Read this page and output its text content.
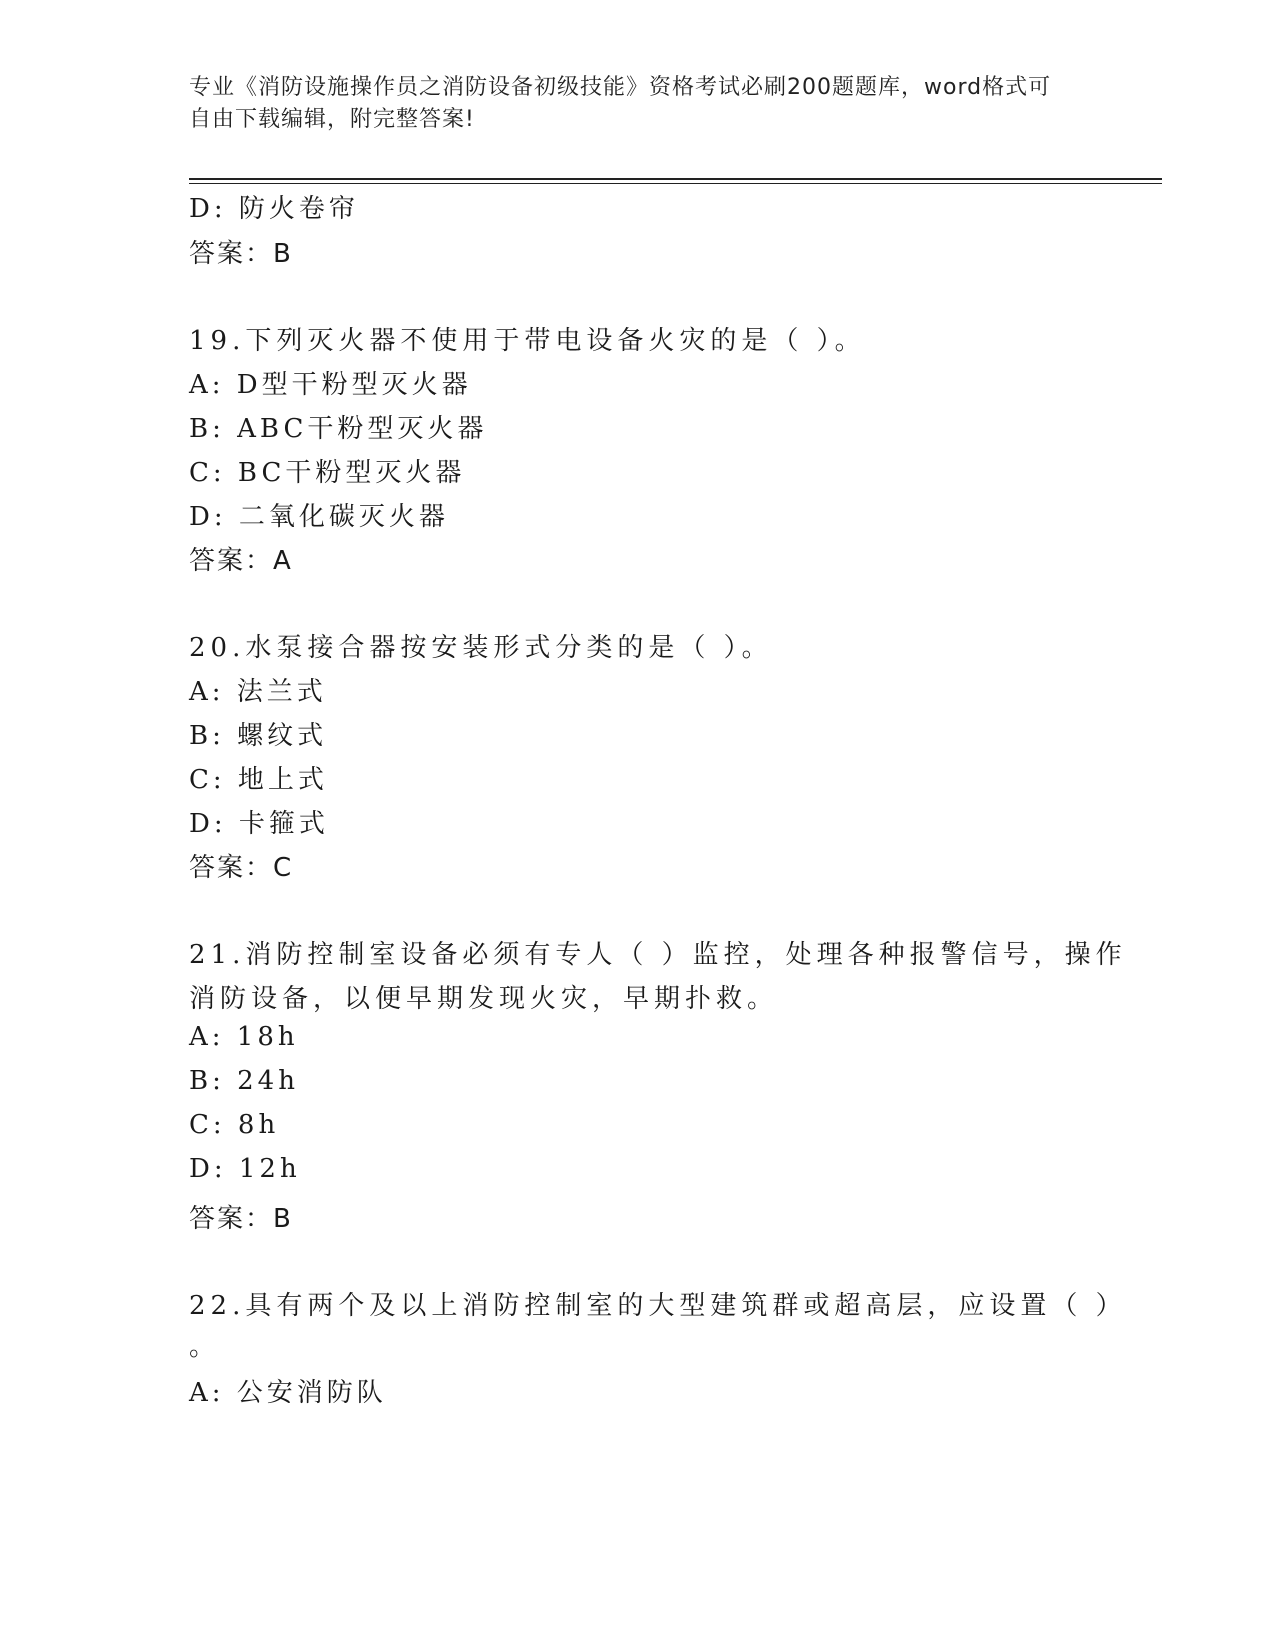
专业《消防设施操作员之消防设备初级技能》资格考试必刷200题题库，word格式可自由下载编辑，附完整答案!
D: 防火卷帘
答案：B
19.下列灭火器不使用于带电设备火灾的是（ ）。
A: D型干粉型灭火器
B: ABC干粉型灭火器
C: BC干粉型灭火器
D: 二氧化碳灭火器
答案：A
20.水泵接合器按安装形式分类的是（ ）。
A: 法兰式
B: 螺纹式
C: 地上式
D: 卡箍式
答案：C
21.消防控制室设备必须有专人（ ）监控，处理各种报警信号，操作
消防设备，以便早期发现火灾，早期扑救。
A: 18h
B: 24h
C: 8h
D: 12h
答案：B
22.具有两个及以上消防控制室的大型建筑群或超高层，应设置（ ）
。
A: 公安消防队
